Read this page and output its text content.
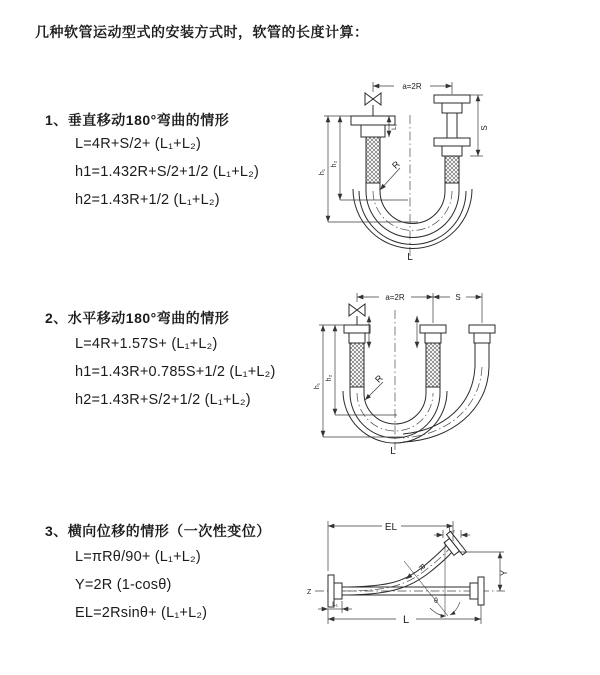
几种软管运动型式的安装方式时，软管的长度计算：
1、垂直移动180°弯曲的情形
L=4R+S/2+ (L₁+L₂)
h1=1.432R+S/2+1/2 (L₁+L₂)
h2=1.43R+1/2 (L₁+L₂)
2、水平移动180°弯曲的情形
L=4R+1.57S+ (L₁+L₂)
h1=1.43R+0.785S+1/2 (L₁+L₂)
h2=1.43R+S/2+1/2 (L₁+L₂)
3、横向位移的情形（一次性变位）
L=πRθ/90+ (L₁+L₂)
Y=2R (1-cosθ)
EL=2Rsinθ+ (L₁+L₂)
a=2R
S
L₁
h₁
h₂	R
L
a=2R	S
h₁
h₂	R
L
Z
θ
R
EL	L₂
Y
L
L₁
